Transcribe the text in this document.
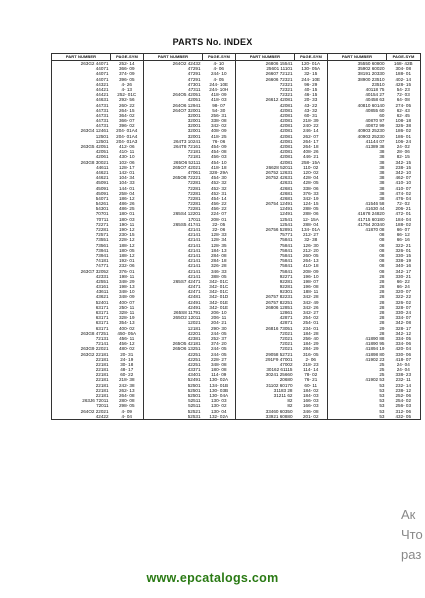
PARTS No. INDEX
PART NUMBER	PAGE-SYM	PART NUMBER	PAGE-SYM	PART NUMBER	PAGE-SYM	PART NUMBER	PAGE-SYM
263G2 44071	252- 14	264O2 42432	4- 10	26806 15541	120- 01A	35550 60800	168- 42B
44071	366- 09	47291	4- 06	25601 11101	130- 05A	35902 60020	304- 08
44071	374- 09	47291	244- 10	26607 72121	32- 15	38191 20330	188- 01
44071	396- 05	47291	4- 05	26606 72321	244- 10E	38900 23510	402- 14
44321	4- 26	47301	244- 10E	72321	96- 29	23510	428- 15
44421	4- 13	47311	244- 10H	72321	40- 15	40118 75	54- 23
44421	252- 01C	264O5 42051	418- 09	72321	46- 15	40154 27	72- 03
44631	292- 56	42051	418- 03	26612 42081	20- 33	40458 63	64- 08
44731	260- 22	264O6 12941	98- 07	42081	43- 22	40810 60140	274- 05
44731	264- 15	264O7 32001	54- 30	42081	43- 32	40855 60	62- 43
44731	364- 02	32001	256- 31	42081	60- 31	60	62- 45
44731	366- 07	32001	338- 08	42081	218- 39	40870 97	108- 18
44731	396- 02	32001	342- 02	42081	240- 22	40872 99	326- 38
263G4 12461	204- 01A4	32001	408- 09	42081	246- 14	40903 25230	186- 02
12501	204- 01A4	32001	418- 25	42081	262- 07	40903 25230	186- 01
12501	204- 01A3	264T3 10241	76- 06	42081	264- 17	41144 07	106- 24
263G5 42051	412- 06	264T8 72161	454- 09	42081	264- 18	41389 38	24- 02
42051	410- 11	72181	454- 08	42081	408- 26	38	28- 06
42061	430- 10	72181	456- 03	42081	446- 21	38	82- 15
263G8 30021	102- 06	265O6 52111	454- 10	42081	258- 15A	38	342- 15
44611	128- 17	265O7 42021	418- 18	26628 52011	110- 02	38	238- 15
44621	142- 01	47061	328- 29A	26752 12631	120- 02	38	342- 10
44621	104- 34	265O8 72221	454- 30	26752 42631	428- 04	38	462- 07
45091	104- 33	72281	452- 32	42631	428- 05	38	410- 10
45091	144- 01	72281	452- 32	42681	338- 06	38	410- 07
45091	258- 04	72281	452- 31	42681	376- 33	38	474- 02
54071	186- 12	72281	454- 14	42681	342- 19	38	476- 04
54261	486- 26	72281	456- 22	26754 12491	124- 15	41546 58	72- 02
54301	486- 25	72281	456- 22	12491	288- 05	41630 44	206- 21
70701	180- 01	265S4 12201	224- 07	12491	288- 06	41678 24820	472- 01
70711	180- 03	17011	208- 01	12541	12- 15A	41715 60180	184- 04
72271	190- 11	265S5 41741	22- 05	12541	288- 04	41754 20340	188- 02
72281	190- 12	42141	22- 06	26756 52891	134- 01A	41870 08	66- 07
72571	230- 15	42141	128- 33	75771	212- 27	08	66- 12
73551	228- 12	42141	128- 34	75841	32- 38	08	66- 16
73561	188- 12	42141	128- 35	75841	126- 30	08	322- 21
73941	180- 05	42141	184- 13	75841	212- 20	08	326- 01
73941	188- 12	42141	284- 08	75841	260- 05	08	330- 15
74181	192- 01	42141	284- 18	75841	264- 13	08	338- 19
74771	232- 06	42141	326- 28	75841	410- 18	08	340- 16
263G7 32052	376- 01	42141	346- 33	75841	208- 09	08	342- 17
42331	198- 11	42141	388- 05	92271	196- 10	28	330- 21
42551	348- 29	265S7 42471	342- 01C	92281	198- 07	28	66- 22
43161	198- 13	42471	342- 01C	92281	196- 08	28	66- 24
43611	348- 10	42471	342- 01C	92301	188- 11	28	320- 07
43621	348- 09	42481	342- 01D	26757 82231	342- 28	28	322- 22
52401	400- 07	42491	342- 01E	26757 82251	342- 49	28	326- 02
63171	250- 11	42491	342- 01E	26806 12851	342- 26	28	328- 07
63171	328- 11	265S8 11791	206- 10	12861	342- 27	28	330- 24
63171	328- 19	265O2 12011	206- 11	42871	254- 02	28	334- 07
63171	354- 13	12021	204- 21	42871	254- 01	28	342- 08
63171	400- 02	12181	290- 30	26816 73051	234- 01	29	328- 17
263G8 47251	450- 05A	42201	244- 05	72021	184- 28	28	342- 12
72131	456- 11	42381	252- 37	72021	256- 40	41890 88	334- 05
72141	456- 12	265O5 42181	374- 20	72021	184- 29	41890 95	334- 06
263G9 22021	480- 02	265O6 13251	244- 05	72021	284- 29	41894 19	420- 04
263G2 22181	20- 31	42251	244- 05	29058 52721	316- 05	41898 80	330- 06
22181	24- 19	42251	228- 27	291F9 47001	2- 06	41902 23	418- 07
22181	30- 18	42251	348- 08	47002	218- 23	25	24- 04
22181	48- 17	43371	180- 08	30162 61115	114- 14	25	24- 04
22181	60- 22	43401	114- 09	30241 25660	78- 02	25	338- 23
22181	218- 38	52491	130- 02A	20680	76- 21	41902 53	232- 11
22181	242- 38	52501	134- 01B	31102 60170	60- 11	53	232- 14
22181	262- 13	52501	130- 03B	31183 28	184- 02	53	238- 12
22181	264- 08	52501	130- 04A	31211 62	184- 03	53	252- 06
263J6 72011	280- 08	52511	130- 03	82	166- 03	53	254- 02
72011	298- 05	52511	130- 02	82	166- 03	53	256- 03
264O2 22021	4- 09	52521	130- 04	33460 60350	346- 08	53	312- 06
42422	4- 04	52531	132- 02A	33921 60880	201- 02	53	432- 05
www.epcatalogs.com
Ак
Что
раз
